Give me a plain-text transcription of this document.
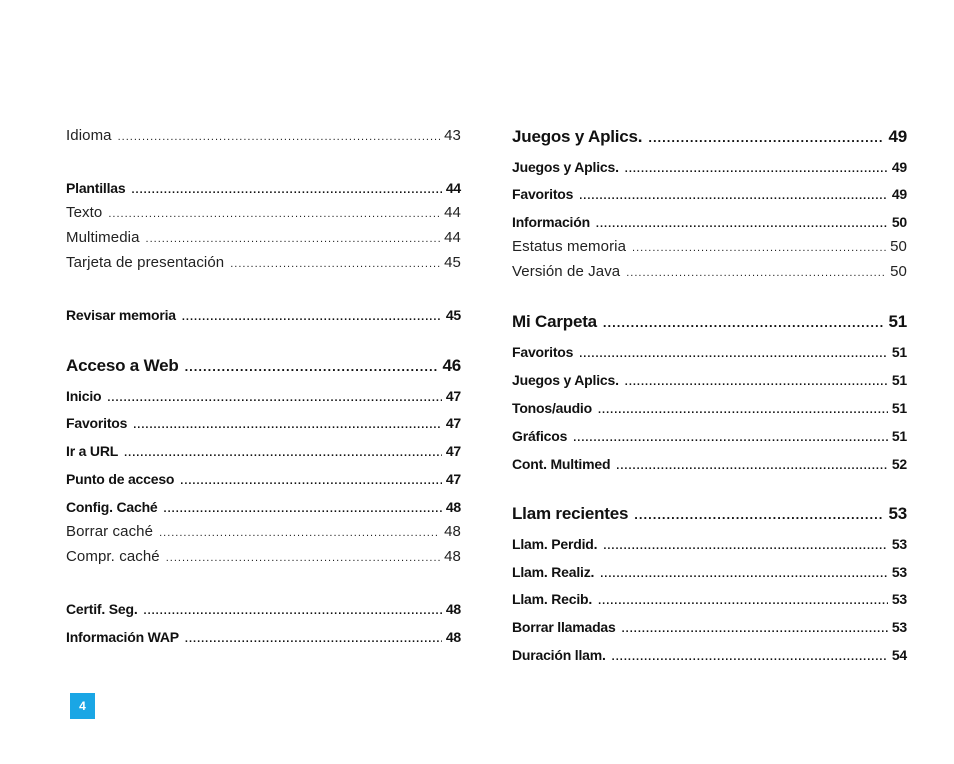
Idioma .....	43
Plantillas .....	44
Texto .....	44
Multimedia .....	44
Tarjeta de presentación .....	45
Revisar memoria .....	45
Acceso a Web .....	46
Inicio .....	47
Favoritos .....	47
Ir a URL .....	47
Punto de acceso .....	47
Config. Caché .....	48
Borrar caché .....	48
Compr. caché .....	48
Certif. Seg. .....	48
Información WAP .....	48
Juegos y Aplics. .....	49
Juegos y Aplics. .....	49
Favoritos .....	49
Información .....	50
Estatus memoria .....	50
Versión de Java .....	50
Mi Carpeta .....	51
Favoritos .....	51
Juegos y Aplics. .....	51
Tonos/audio .....	51
Gráficos .....	51
Cont. Multimed .....	52
Llam recientes .....	53
Llam. Perdid. .....	53
Llam. Realiz. .....	53
Llam. Recib. .....	53
Borrar llamadas .....	53
Duración llam. .....	54
4
